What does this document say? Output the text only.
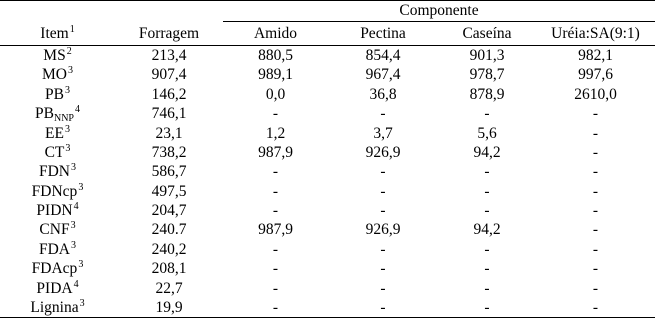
		Componente			
Item$^1$	Forragem	Amido	Pectina	Caseína	Uréia:SA(9:1)
$MS^2$	213,4	880,5	854,4	901,3	982,1
$MO^3$	907,4	989,1	967,4	978,7	997,6
$PB^3$	146,2	0,0	36,8	878,9	2610,0
$PB_{NNP}^4$	746,1	-	-	-	-
$EE^3$	23,1	1,2	3,7	5,6	-
$CT^3$	738,2	987,9	926,9	94,2	-
FDN$^3$	586,7	-	-	-	-
FDNcp$^3$	497,5	-	-	-	-
PIDN$^4$	204,7	-	-	-	-
CNF$^3$	240.7	987,9	926,9	94,2	-
FDA$^3$	240,2	-	-	-	-
FDAcp$^3$	208,1	-	-	-	-
PIDA$^4$	22,7	-	-	-	-
Lignina$^3$	19,9	-	-	-	-
